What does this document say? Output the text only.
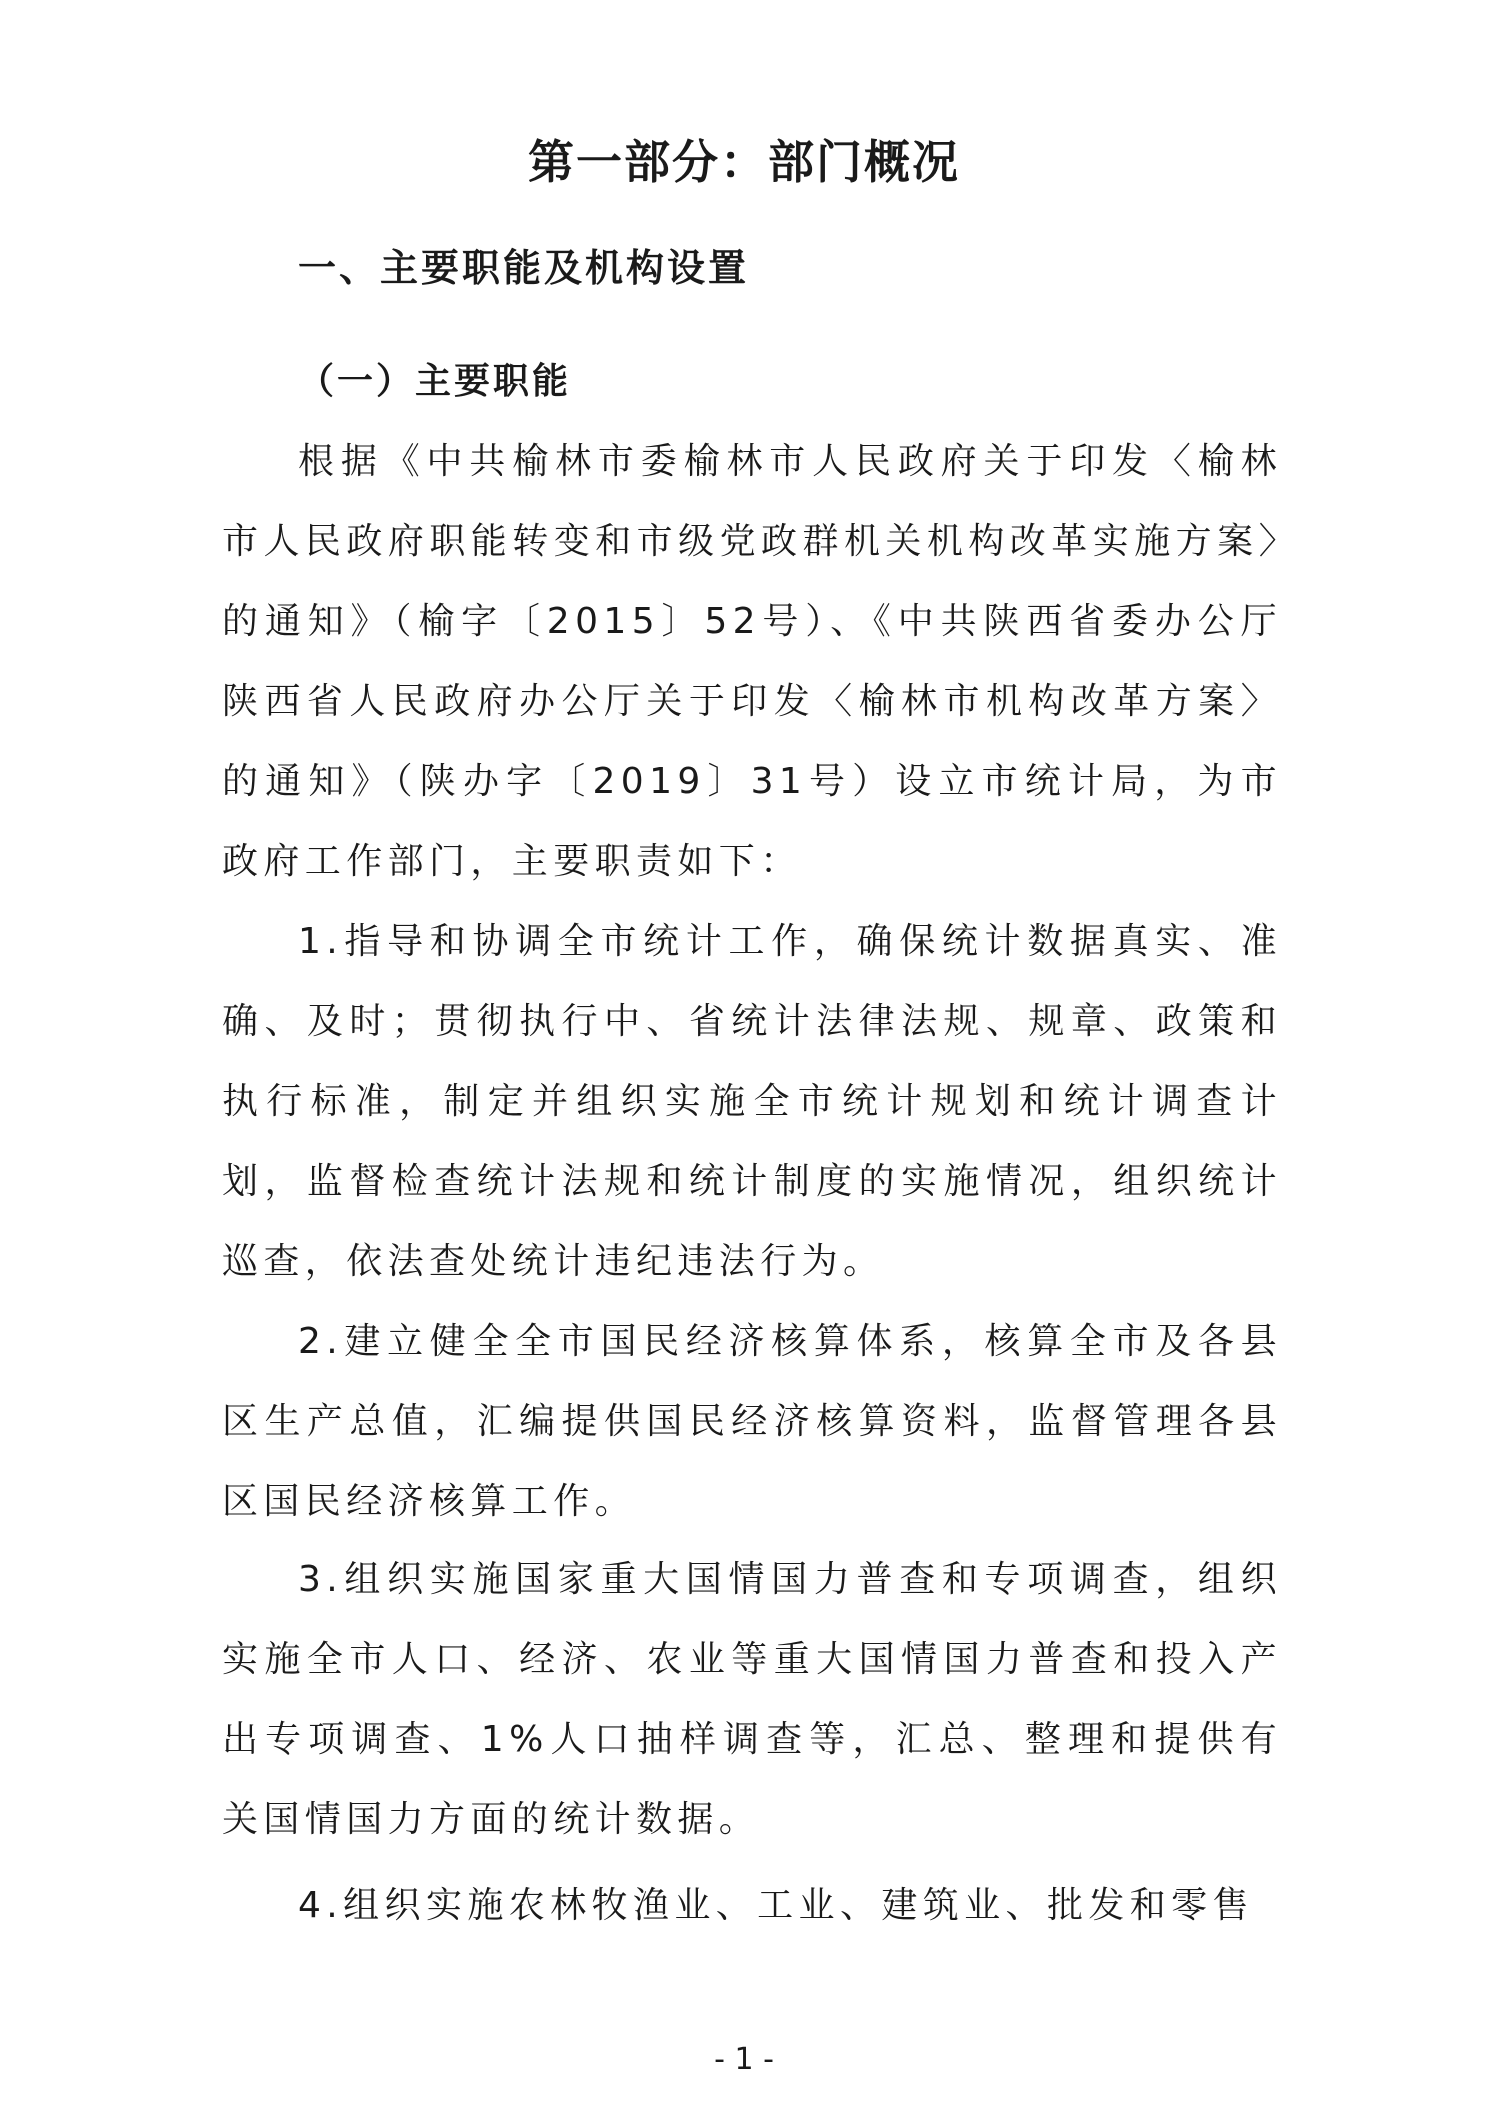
第一部分：部门概况
一、主要职能及机构设置
（一）主要职能

根据《中共榆林市委榆林市人民政府关于印发〈榆林市人民政府职能转变和市级党政群机关机构改革实施方案〉的通知》（榆字〔2015〕52号）、《中共陕西省委办公厅陕西省人民政府办公厅关于印发〈榆林市机构改革方案〉的通知》（陕办字〔2019〕31号）设立市统计局，为市政府工作部门，主要职责如下：

1.指导和协调全市统计工作，确保统计数据真实、准确、及时；贯彻执行中、省统计法律法规、规章、政策和执行标准，制定并组织实施全市统计规划和统计调查计划，监督检查统计法规和统计制度的实施情况，组织统计巡查，依法查处统计违纪违法行为。

2.建立健全全市国民经济核算体系，核算全市及各县区生产总值，汇编提供国民经济核算资料，监督管理各县区国民经济核算工作。

3.组织实施国家重大国情国力普查和专项调查，组织实施全市人口、经济、农业等重大国情国力普查和投入产出专项调查、1%人口抽样调查等，汇总、整理和提供有关国情国力方面的统计数据。

4.组织实施农林牧渔业、工业、建筑业、批发和零售

- 1 -
